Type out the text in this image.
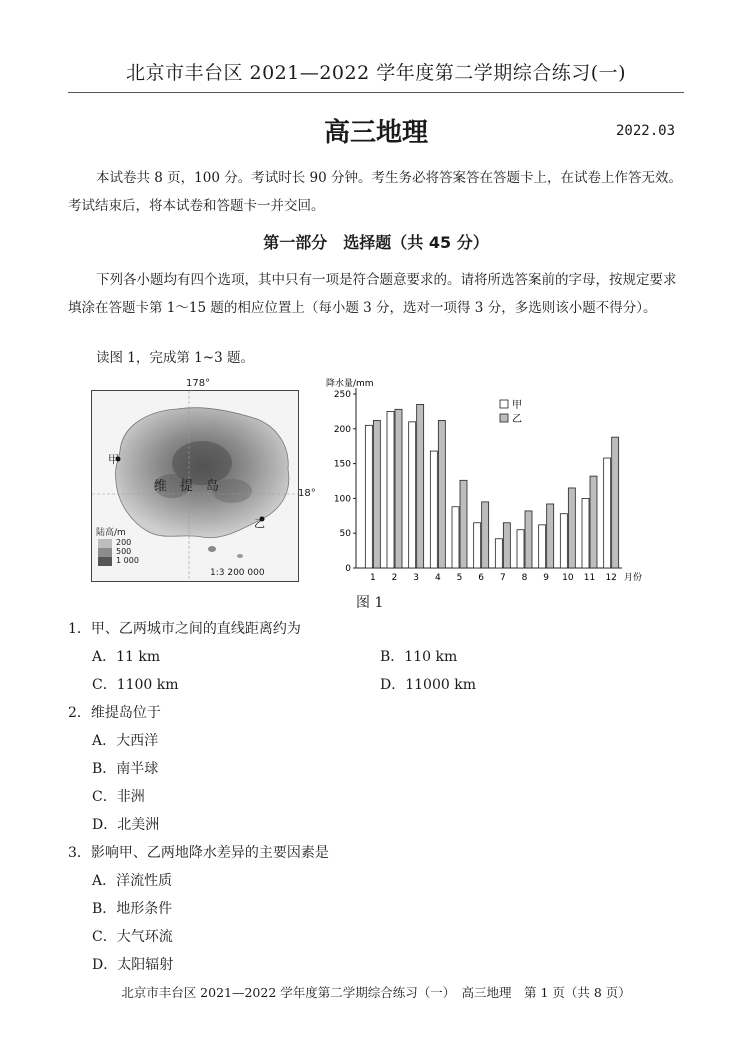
北京市丰台区 2021—2022 学年度第二学期综合练习(一)
高三地理	2022.03
本试卷共 8 页，100 分。考试时长 90 分钟。考生务必将答案答在答题卡上，在试卷上作答无效。考试结束后，将本试卷和答题卡一并交回。
第一部分　选择题（共 45 分）
下列各小题均有四个选项，其中只有一项是符合题意要求的。请将所选答案前的字母，按规定要求填涂在答题卡第 1～15 题的相应位置上（每小题 3 分，选对一项得 3 分，多选则该小题不得分）。
读图 1，完成第 1~3 题。
178°
维　提　岛
甲
乙
陆高/m
200
500
1 000
1:3 200 000
18°
降水量/mm
0
50
100
150
200
250
1 2 3 4 5 6 7 8 9 10 11 12 月份
甲
乙
图 1
1．甲、乙两城市之间的直线距离约为
A．11 km	B．110 km
C．1100 km	D．11000 km
2．维提岛位于
A．大西洋
B．南半球
C．非洲
D．北美洲
3．影响甲、乙两地降水差异的主要因素是
A．洋流性质
B．地形条件
C．大气环流
D．太阳辐射
北京市丰台区 2021—2022 学年度第二学期综合练习（一）　高三地理　第 1 页（共 8 页）
